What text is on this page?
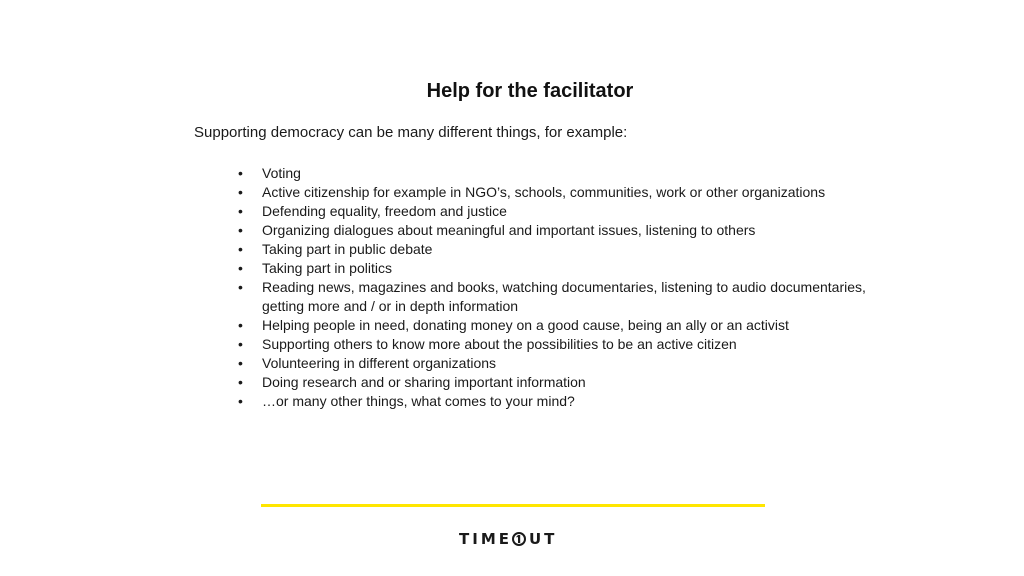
Help for the facilitator
Supporting democracy can be many different things, for example:
• Voting
• Active citizenship for example in NGO’s, schools, communities, work or other organizations
• Defending equality, freedom and justice
• Organizing dialogues about meaningful and important issues, listening to others
• Taking part in public debate
• Taking part in politics
• Reading news, magazines and books, watching documentaries, listening to audio documentaries, getting more and / or in depth information
• Helping people in need, donating money on a good cause, being an ally or an activist
• Supporting others to know more about the possibilities to be an active citizen
• Volunteering in different organizations
• Doing research and or sharing important information
• …or many other things, what comes to your mind?
TIME UT
